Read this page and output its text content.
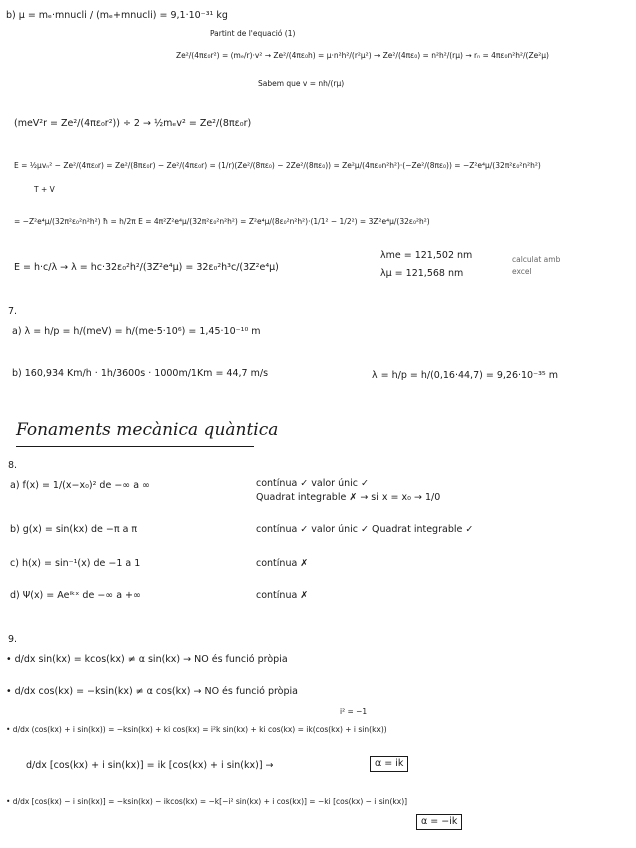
b) μ = mₑ·mnucli / (mₑ+mnucli) = 9,1·10⁻³¹ kg
Partint de l'equació (1)
Ze²/(4πε₀r²) = (mₑ/r)·v² → Ze²/(4πε₀h) = μ·n²h²/(r²μ²) → Ze²/(4πε₀) = n²h²/(rμ) → rₙ = 4πε₀n²h²/(Ze²μ)
Sabem que v = nh/(rμ)
(meV²r = Ze²/(4πε₀r²)) ÷ 2 → ½mₑv² = Ze²/(8πε₀r)
E = ½μvₙ² − Ze²/(4πε₀r) = Ze²/(8πε₀r) − Ze²/(4πε₀r) = (1/r)(Ze²/(8πε₀) − 2Ze²/(8πε₀)) = Ze²μ/(4πε₀n²h²)·(−Ze²/(8πε₀)) = −Z²e⁴μ/(32π²ε₀²n²h²)
T + V
= −Z²e⁴μ/(32π²ε₀²n²h²) ħ = h/2π E = 4π²Z²e⁴μ/(32π²ε₀²n²h²) = Z²e⁴μ/(8ε₀²n²h²)·(1/1² − 1/2²) = 3Z²e⁴μ/(32ε₀²h²)
E = h·c/λ → λ = hc·32ε₀²h²/(3Z²e⁴μ) = 32ε₀²h³c/(3Z²e⁴μ)
λme = 121,502 nm
λμ = 121,568 nm
calculat amb excel
7.
a) λ = h/p = h/(meV) = h/(me·5·10⁶) = 1,45·10⁻¹⁰ m
b) 160,934 Km/h · 1h/3600s · 1000m/1Km = 44,7 m/s	λ = h/p = h/(0,16·44,7) = 9,26·10⁻³⁵ m
Fonaments mecànica quàntica
8.
a) f(x) = 1/(x−x₀)² de −∞ a ∞	contínua ✓ valor únic ✓
Quadrat integrable ✗ → si x = x₀ → 1/0
b) g(x) = sin(kx) de −π a π	contínua ✓ valor únic ✓ Quadrat integrable ✓
c) h(x) = sin⁻¹(x) de −1 a 1	contínua ✗
d) Ψ(x) = Aeⁱᵏˣ de −∞ a +∞	contínua ✗
9.
• d/dx sin(kx) = kcos(kx) ≠ α sin(kx) → NO és funció pròpia
• d/dx cos(kx) = −ksin(kx) ≠ α cos(kx) → NO és funció pròpia
i² = −1
• d/dx (cos(kx) + i sin(kx)) = −ksin(kx) + ki cos(kx) = i²k sin(kx) + ki cos(kx) = ik(cos(kx) + i sin(kx))
d/dx [cos(kx) + i sin(kx)] = ik [cos(kx) + i sin(kx)] →	α = ik
• d/dx [cos(kx) − i sin(kx)] = −ksin(kx) − ikcos(kx) = −k[−i² sin(kx) + i cos(kx)] = −ki [cos(kx) − i sin(kx)]
α = −ik
